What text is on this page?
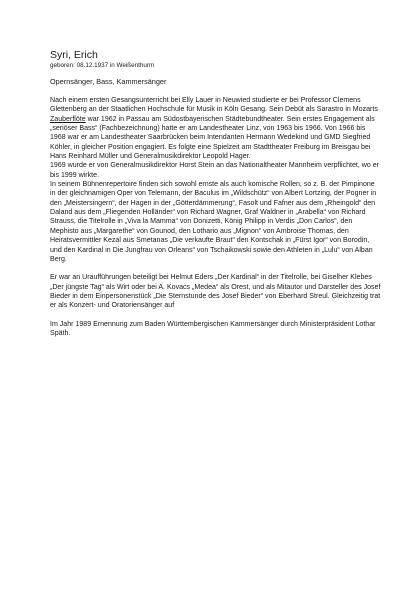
Syri, Erich

geboren: 08.12.1937 in Weißenthurm

Opernsänger, Bass, Kammersänger

Nach einem ersten Gesangsunterricht bei Elly Lauer in Neuwied studierte er bei Professor Clemens Glettenberg an der Staatlichen Hochschule für Musik in Köln Gesang. Sein Debüt als Sarastro in Mozarts Zauberflöte war 1962 in Passau am Südostbayerischen Städtebundtheater. Sein erstes Engagement als „seriöser Bass“ (Fachbezeichnung) hatte er am Landestheater Linz, von 1963 bis 1966. Von 1966 bis 1968 war er am Landestheater Saarbrücken beim Intendanten Hermann Wedekind und GMD Siegfried Köhler, in gleicher Position engagiert. Es folgte eine Spielzeit am Stadttheater Freiburg im Breisgau bei Hans Reinhard Müller und Generalmusikdirektor Leopold Hager.

1969 wurde er von Generalmusikdirektor Horst Stein an das Nationaltheater Mannheim verpflichtet, wo er bis 1999 wirkte.

In seinem Bühnenrepertoire finden sich sowohl ernste als auch komische Rollen, so z. B. der Pimpinone in der gleichnamigen Oper von Telemann, der Baculus im „Wildschütz“ von Albert Lortzing, der Pogner in den „Meistersingern“, der Hagen in der „Götterdämmerung“, Fasolt und Fafner aus dem „Rheingold“ den Daland aus dem „Fliegenden Holländer“ von Richard Wagner, Graf Waldner in „Arabella“ von Richard Strauss, die Titelrolle in „Viva la Mamma“ von Donizetti, König Philipp in Verdis „Don Carlos“, den Mephisto aus „Margarethe“ von Gounod, den Lothario aus „Mignon“ von Ambroise Thomas, den Heiratsvermittler Kezal aus Smetanas „Die verkaufte Braut“ den Kontschak in „Fürst Igor“ von Borodin, und den Kardinal in Die Jungfrau von Orleans“ von Tschaikowski sowie den Athleten in „Lulu“ von Alban Berg.

Er war an Uraufführungen beteiligt bei Helmut Eders „Der Kardinal“ in der Titelrolle, bei Giselher Klebes „Der jüngste Tag“ als Wirt oder bei A. Kovacs „Medea“ als Orest, und als Mitautor und Darsteller des Josef Bieder in dem Einpersonenstück „Die Sternstunde des Josef Bieder“ von Eberhard Streul. Gleichzeitig trat er als Konzert- und Oratoriensänger auf

Im Jahr 1989 Ernennung zum Baden Württembergischen Kammersänger durch Ministerpräsident Lothar Späth.
